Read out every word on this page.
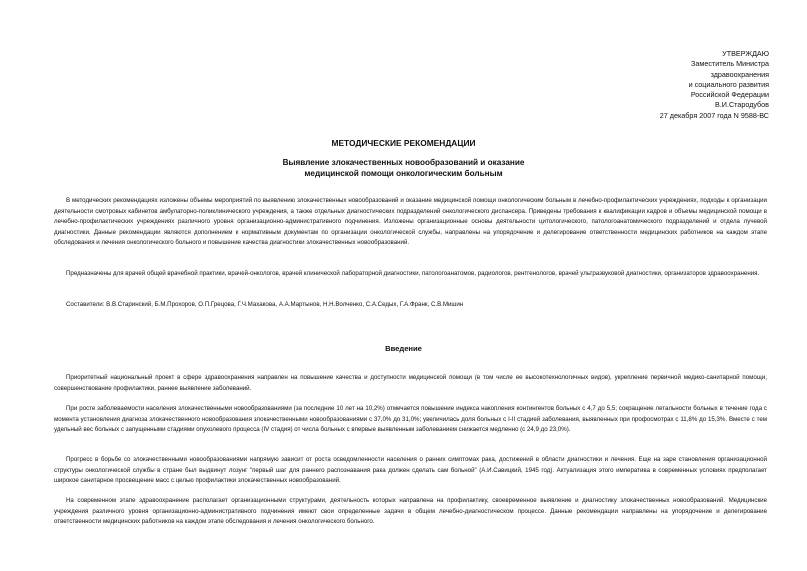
УТВЕРЖДАЮ
Заместитель Министра
здравоохранения
и социального развития
Российской Федерации
В.И.Стародубов
27 декабря 2007 года N 9588-ВС
МЕТОДИЧЕСКИЕ РЕКОМЕНДАЦИИ
Выявление злокачественных новообразований и оказание
медицинской помощи онкологическим больным

В методических рекомендациях изложены объемы мероприятий по выявлению злокачественных новообразований и оказание медицинской помощи онкологическим больным в лечебно-профилактических учреждениях, подходы к организации деятельности смотровых кабинетов амбулаторно-поликлинического учреждения, а также отдельных диагностических подразделений онкологического диспансера. Приведены требования к квалификации кадров и объемы медицинской помощи в лечебно-профилактических учреждениях различного уровня организационно-административного подчинения. Изложены организационные основы деятельности цитологического, патологоанатомического подразделений и отдела лучевой диагностики. Данные рекомендации являются дополнением к нормативным документам по организации онкологической службы, направлены на упорядочение и делегирование ответственности медицинских работников на каждом этапе обследования и лечения онкологического больного и повышение качества диагностики злокачественных новообразований.

Предназначены для врачей общей врачебной практики, врачей-онкологов, врачей клинической лабораторной диагностики, патологоанатомов, радиологов, рентгенологов, врачей ультразвуковой диагностики, организаторов здравоохранения.

Составители: В.В.Старинский, Б.М.Прохоров, О.П.Грецова, Г.Ч.Махакова, А.А.Мартынов, Н.Н.Волченко, С.А.Седых, Г.А.Франк, С.В.Мишин

Введение

Приоритетный национальный проект в сфере здравоохранения направлен на повышение качества и доступности медицинской помощи (в том числе ее высокотехнологичных видов), укрепление первичной медико-санитарной помощи, совершенствование профилактики, раннее выявление заболеваний.

При росте заболеваемости населения злокачественными новообразованиями (за последние 10 лет на 10,2%) отмечается повышение индекса накопления контингентов больных с 4,7 до 5,5; сокращение летальности больных в течение года с момента установления диагноза злокачественного новообразования злокачественными новообразованиями с 37,0% до 31,0%; увеличилась доля больных с I-II стадией заболевания, выявленных при профосмотрах с 11,8% до 15,3%. Вместе с тем удельный вес больных с запущенными стадиями опухолевого процесса (IV стадия) от числа больных с впервые выявленным заболеванием снижается медленно (с 24,9 до 23,0%).

Прогресс в борьбе со злокачественными новообразованиями напрямую зависит от роста осведомленности населения о ранних симптомах рака, достижений в области диагностики и лечения. Еще на заре становления организационной структуры онкологической службы в стране был выдвинут лозунг "первый шаг для раннего распознавания рака должен сделать сам больной" (А.И.Савицкий, 1945 год). Актуализация этого императива в современных условиях предполагает широкое санитарное просвещение масс с целью профилактики злокачественных новообразований.

На современном этапе здравоохранение располагает организационными структурами, деятельность которых направлена на профилактику, своевременное выявление и диагностику злокачественных новообразований. Медицинские учреждения различного уровня организационно-административного подчинения имеют свои определенные задачи в общем лечебно-диагностическом процессе. Данные рекомендации направлены на упорядочение и делегирование ответственности медицинских работников на каждом этапе обследования и лечения онкологического больного.
